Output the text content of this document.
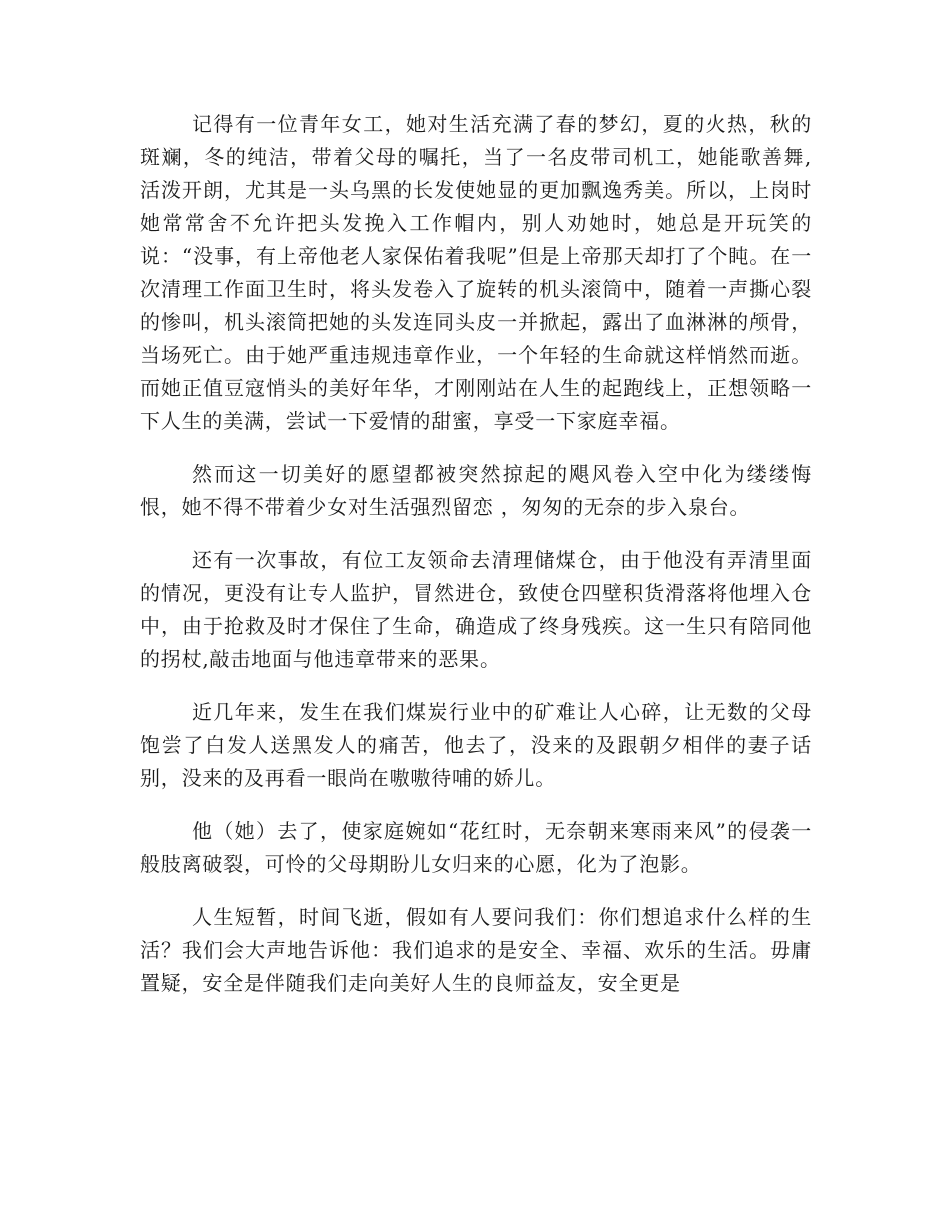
记得有一位青年女工，她对生活充满了春的梦幻，夏的火热，秋的斑斓，冬的纯洁，带着父母的嘱托，当了一名皮带司机工，她能歌善舞,活泼开朗，尤其是一头乌黑的长发使她显的更加飘逸秀美。所以，上岗时她常常舍不允许把头发挽入工作帽内，别人劝她时，她总是开玩笑的说：“没事，有上帝他老人家保佑着我呢”但是上帝那天却打了个盹。在一次清理工作面卫生时，将头发卷入了旋转的机头滚筒中，随着一声撕心裂的惨叫，机头滚筒把她的头发连同头皮一并掀起，露出了血淋淋的颅骨，当场死亡。由于她严重违规违章作业，一个年轻的生命就这样悄然而逝。而她正值豆寇悄头的美好年华，才刚刚站在人生的起跑线上，正想领略一下人生的美满，尝试一下爱情的甜蜜，享受一下家庭幸福。

然而这一切美好的愿望都被突然掠起的飓风卷入空中化为缕缕悔恨，她不得不带着少女对生活强烈留恋 ，匆匆的无奈的步入泉台。

还有一次事故，有位工友领命去清理储煤仓，由于他没有弄清里面的情况，更没有让专人监护，冒然进仓，致使仓四壁积货滑落将他埋入仓中，由于抢救及时才保住了生命，确造成了终身残疾。这一生只有陪同他的拐杖,敲击地面与他违章带来的恶果。

近几年来，发生在我们煤炭行业中的矿难让人心碎，让无数的父母饱尝了白发人送黑发人的痛苦，他去了，没来的及跟朝夕相伴的妻子话别，没来的及再看一眼尚在嗷嗷待哺的娇儿。

他（她）去了，使家庭婉如“花红时，无奈朝来寒雨来风”的侵袭一般肢离破裂，可怜的父母期盼儿女归来的心愿，化为了泡影。

人生短暂，时间飞逝，假如有人要问我们：你们想追求什么样的生活？我们会大声地告诉他：我们追求的是安全、幸福、欢乐的生活。毋庸置疑，安全是伴随我们走向美好人生的良师益友，安全更是
